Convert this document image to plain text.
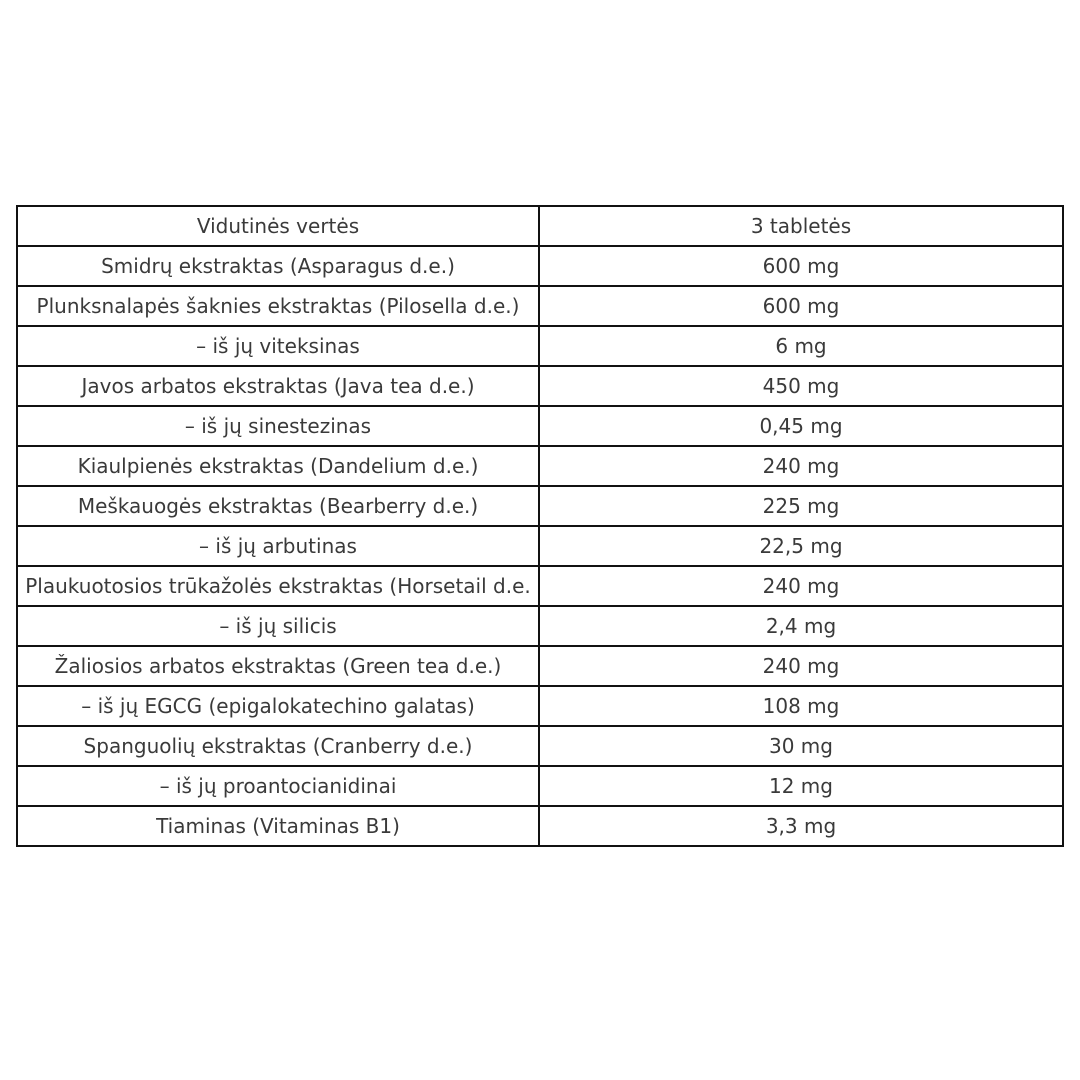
Vidutinės vertės	3 tabletės
Smidrų ekstraktas (Asparagus d.e.)	600 mg
Plunksnalapės šaknies ekstraktas (Pilosella d.e.)	600 mg
– iš jų viteksinas	6 mg
Javos arbatos ekstraktas (Java tea d.e.)	450 mg
– iš jų sinestezinas	0,45 mg
Kiaulpienės ekstraktas (Dandelium d.e.)	240 mg
Meškauogės ekstraktas (Bearberry d.e.)	225 mg
– iš jų arbutinas	22,5 mg
Plaukuotosios trūkažolės ekstraktas (Horsetail d.e.	240 mg
– iš jų silicis	2,4 mg
Žaliosios arbatos ekstraktas (Green tea d.e.)	240 mg
– iš jų EGCG (epigalokatechino galatas)	108 mg
Spanguolių ekstraktas (Cranberry d.e.)	30 mg
– iš jų proantocianidinai	12 mg
Tiaminas (Vitaminas B1)	3,3 mg
